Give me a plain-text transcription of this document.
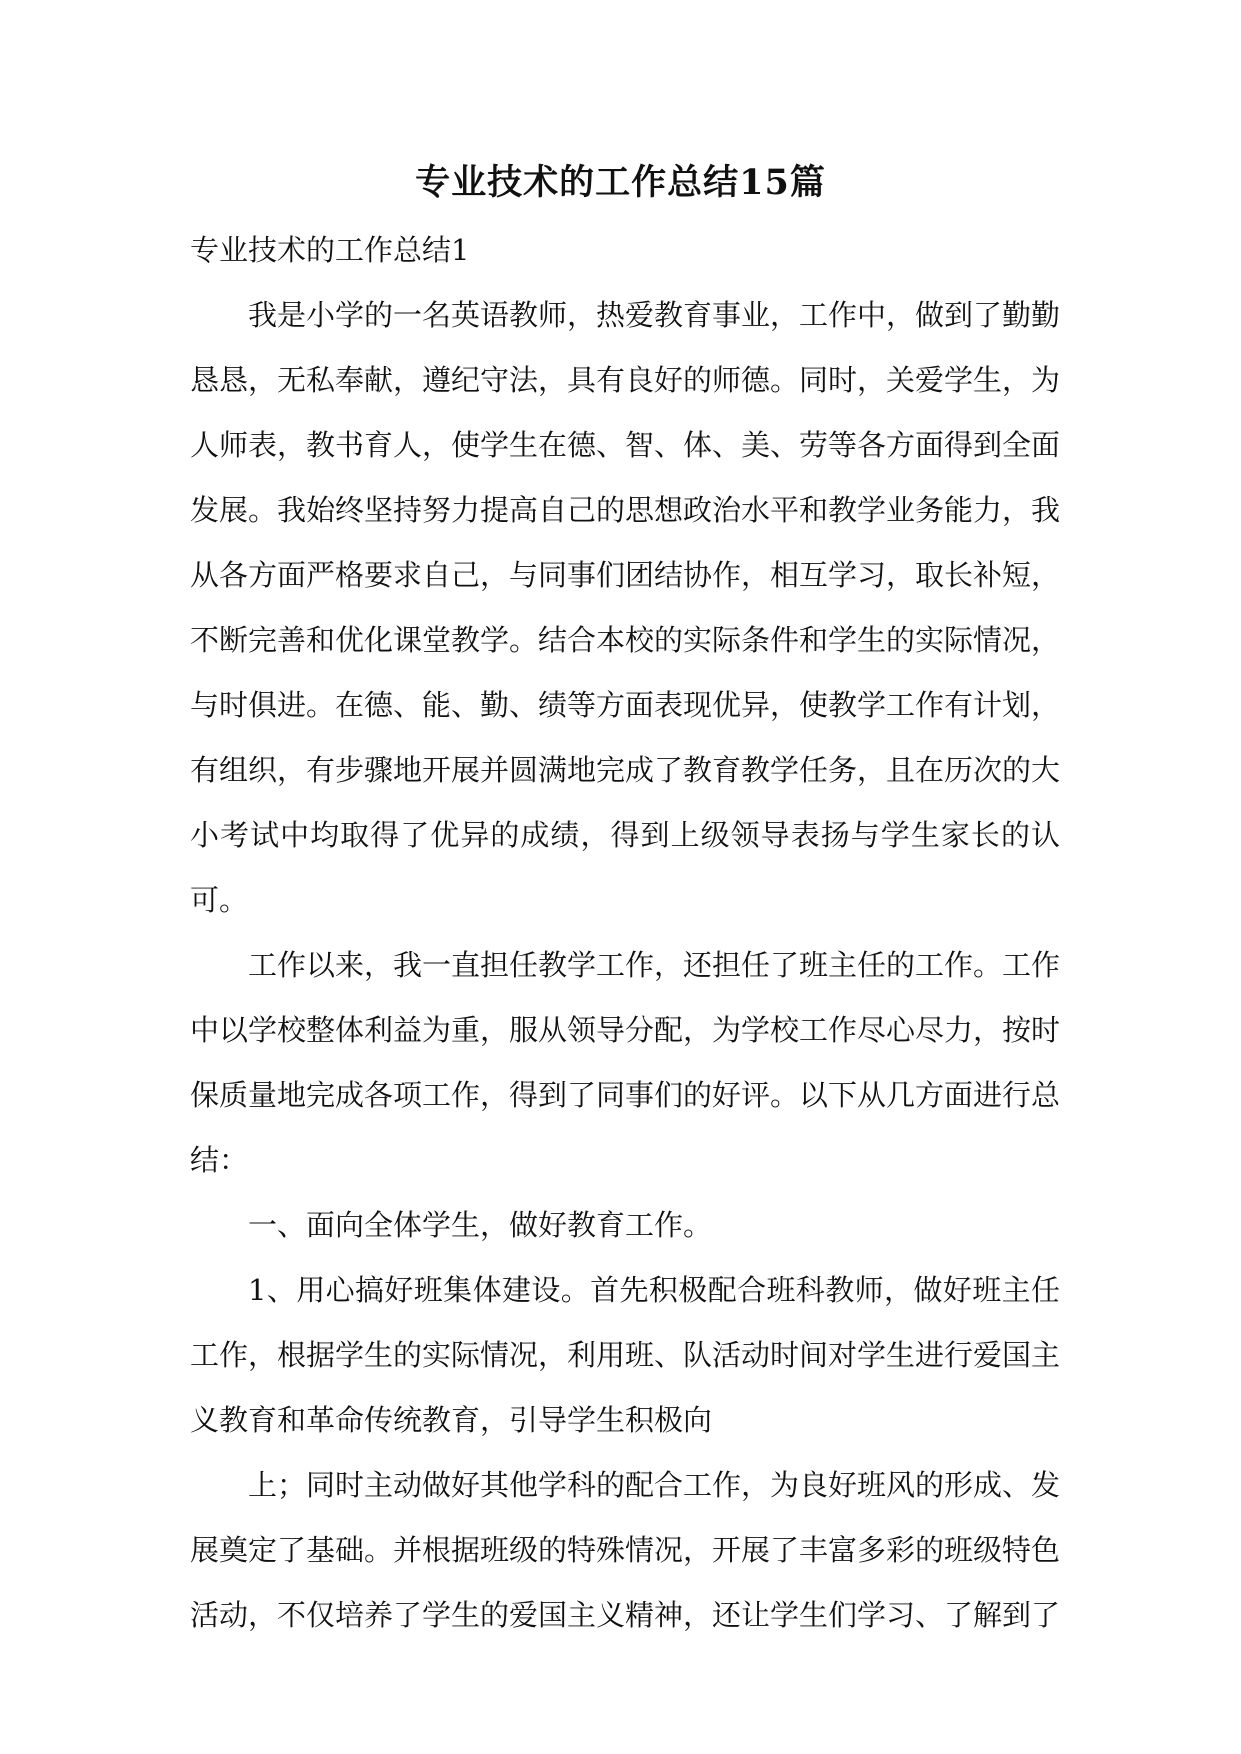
专业技术的工作总结15篇
专业技术的工作总结1

我是小学的一名英语教师，热爱教育事业，工作中，做到了勤勤恳恳，无私奉献，遵纪守法，具有良好的师德。同时，关爱学生，为人师表，教书育人，使学生在德、智、体、美、劳等各方面得到全面发展。我始终坚持努力提高自己的思想政治水平和教学业务能力，我从各方面严格要求自己，与同事们团结协作，相互学习，取长补短，不断完善和优化课堂教学。结合本校的实际条件和学生的实际情况，与时俱进。在德、能、勤、绩等方面表现优异，使教学工作有计划，有组织，有步骤地开展并圆满地完成了教育教学任务，且在历次的大小考试中均取得了优异的成绩，得到上级领导表扬与学生家长的认可。

工作以来，我一直担任教学工作，还担任了班主任的工作。工作中以学校整体利益为重，服从领导分配，为学校工作尽心尽力，按时保质量地完成各项工作，得到了同事们的好评。以下从几方面进行总结：

一、面向全体学生，做好教育工作。

1、用心搞好班集体建设。首先积极配合班科教师，做好班主任工作，根据学生的实际情况，利用班、队活动时间对学生进行爱国主义教育和革命传统教育，引导学生积极向

上；同时主动做好其他学科的配合工作，为良好班风的形成、发展奠定了基础。并根据班级的特殊情况，开展了丰富多彩的班级特色活动，不仅培养了学生的爱国主义精神，还让学生们学习、了解到了
